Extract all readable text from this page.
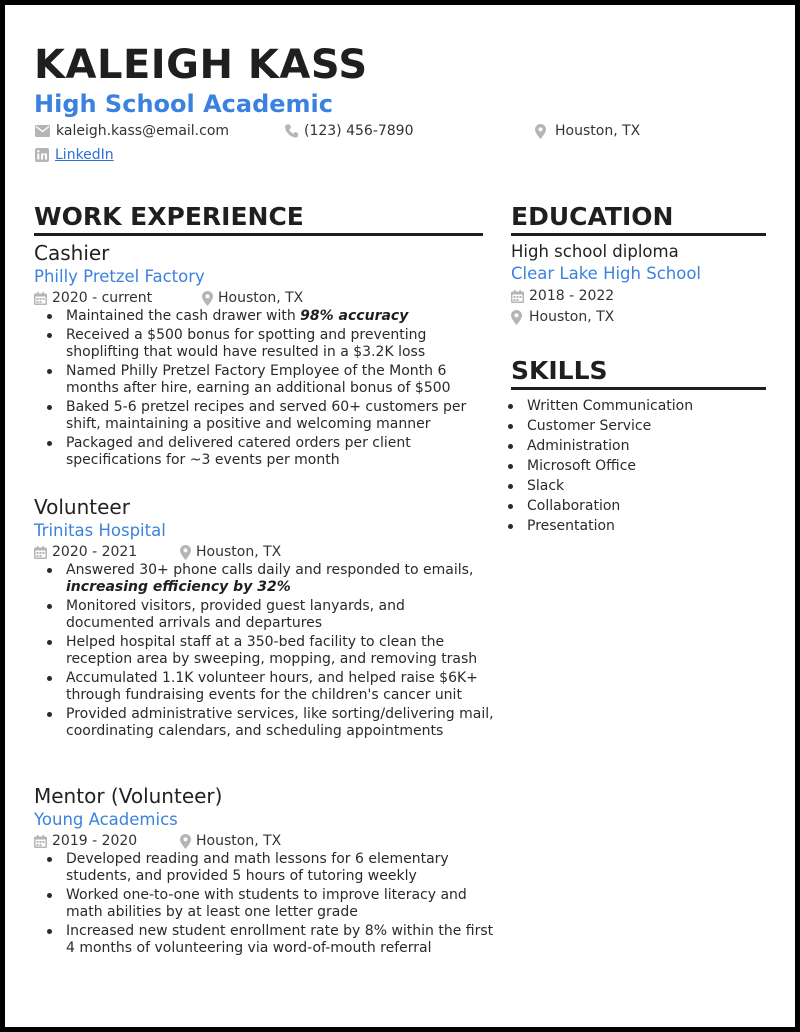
KALEIGH KASS
High School Academic
kaleigh.kass@email.com	(123) 456-7890	Houston, TX
LinkedIn
WORK EXPERIENCE
Cashier
Philly Pretzel Factory
2020 - current	Houston, TX
Maintained the cash drawer with 98% accuracy
Received a $500 bonus for spotting and preventing shoplifting that would have resulted in a $3.2K loss
Named Philly Pretzel Factory Employee of the Month 6 months after hire, earning an additional bonus of $500
Baked 5-6 pretzel recipes and served 60+ customers per shift, maintaining a positive and welcoming manner
Packaged and delivered catered orders per client specifications for ~3 events per month
Volunteer
Trinitas Hospital
2020 - 2021	Houston, TX
Answered 30+ phone calls daily and responded to emails, increasing efficiency by 32%
Monitored visitors, provided guest lanyards, and documented arrivals and departures
Helped hospital staff at a 350-bed facility to clean the reception area by sweeping, mopping, and removing trash
Accumulated 1.1K volunteer hours, and helped raise $6K+ through fundraising events for the children's cancer unit
Provided administrative services, like sorting/delivering mail, coordinating calendars, and scheduling appointments
Mentor (Volunteer)
Young Academics
2019 - 2020	Houston, TX
Developed reading and math lessons for 6 elementary students, and provided 5 hours of tutoring weekly
Worked one-to-one with students to improve literacy and math abilities by at least one letter grade
Increased new student enrollment rate by 8% within the first 4 months of volunteering via word-of-mouth referral
EDUCATION
High school diploma
Clear Lake High School
2018 - 2022
Houston, TX
SKILLS
Written Communication
Customer Service
Administration
Microsoft Office
Slack
Collaboration
Presentation
